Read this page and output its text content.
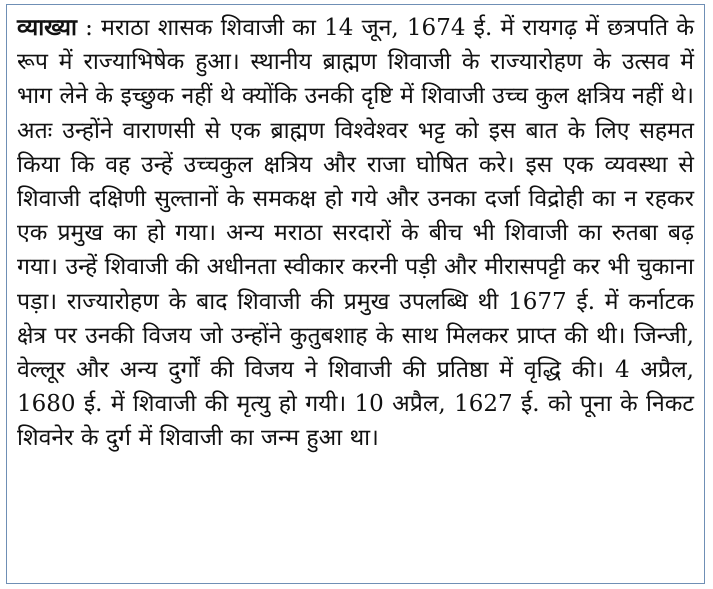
व्याख्या : मराठा शासक शिवाजी का 14 जून, 1674 ई. में रायगढ़ में छत्रपति के रूप में राज्याभिषेक हुआ। स्थानीय ब्राह्मण शिवाजी के राज्यारोहण के उत्सव में भाग लेने के इच्छुक नहीं थे क्योंकि उनकी दृष्टि में शिवाजी उच्च कुल क्षत्रिय नहीं थे। अतः उन्होंने वाराणसी से एक ब्राह्मण विश्वेश्वर भट्ट को इस बात के लिए सहमत किया कि वह उन्हें उच्चकुल क्षत्रिय और राजा घोषित करे। इस एक व्यवस्था से शिवाजी दक्षिणी सुल्तानों के समकक्ष हो गये और उनका दर्जा विद्रोही का न रहकर एक प्रमुख का हो गया। अन्य मराठा सरदारों के बीच भी शिवाजी का रुतबा बढ़ गया। उन्हें शिवाजी की अधीनता स्वीकार करनी पड़ी और मीरासपट्टी कर भी चुकाना पड़ा। राज्यारोहण के बाद शिवाजी की प्रमुख उपलब्धि थी 1677 ई. में कर्नाटक क्षेत्र पर उनकी विजय जो उन्होंने कुतुबशाह के साथ मिलकर प्राप्त की थी। जिन्जी, वेल्लूर और अन्य दुर्गों की विजय ने शिवाजी की प्रतिष्ठा में वृद्धि की। 4 अप्रैल, 1680 ई. में शिवाजी की मृत्यु हो गयी। 10 अप्रैल, 1627 ई. को पूना के निकट शिवनेर के दुर्ग में शिवाजी का जन्म हुआ था।
